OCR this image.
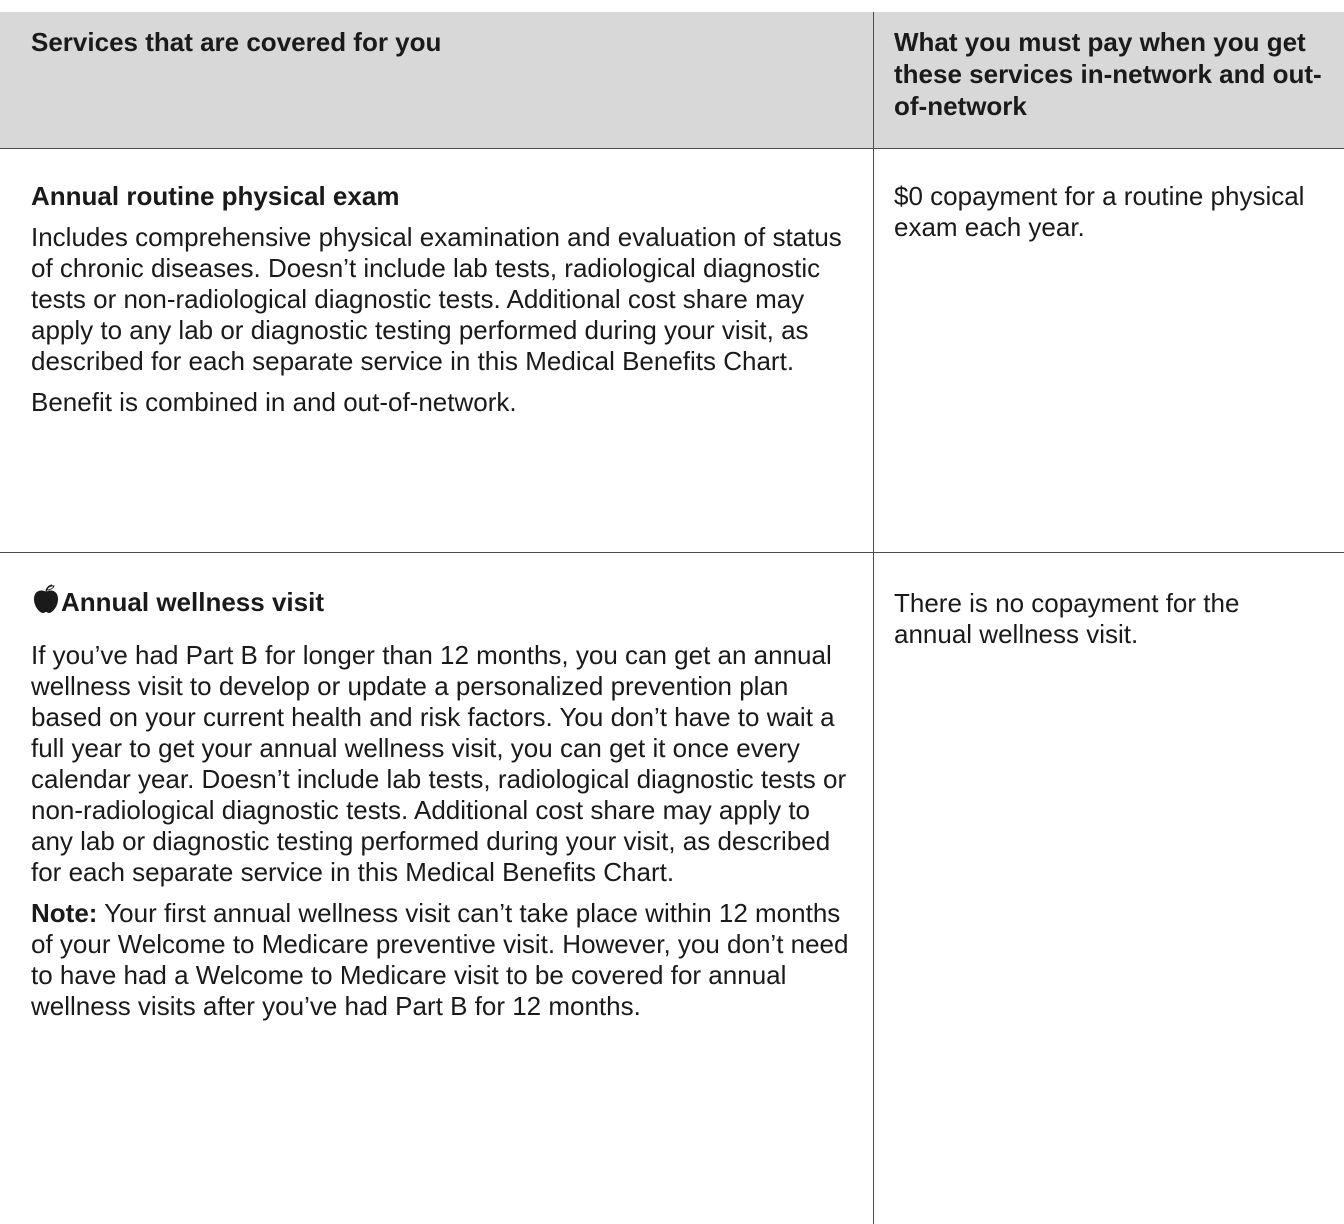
Services that are covered for you	What you must pay when you get these services in-network and out-of-network

Annual routine physical exam

Includes comprehensive physical examination and evaluation of status of chronic diseases. Doesn’t include lab tests, radiological diagnostic tests or non-radiological diagnostic tests. Additional cost share may apply to any lab or diagnostic testing performed during your visit, as described for each separate service in this Medical Benefits Chart.

Benefit is combined in and out-of-network.

$0 copayment for a routine physical exam each year.

Annual wellness visit

If you’ve had Part B for longer than 12 months, you can get an annual wellness visit to develop or update a personalized prevention plan based on your current health and risk factors. You don’t have to wait a full year to get your annual wellness visit, you can get it once every calendar year. Doesn’t include lab tests, radiological diagnostic tests or non-radiological diagnostic tests. Additional cost share may apply to any lab or diagnostic testing performed during your visit, as described for each separate service in this Medical Benefits Chart.

Note: Your first annual wellness visit can’t take place within 12 months of your Welcome to Medicare preventive visit. However, you don’t need to have had a Welcome to Medicare visit to be covered for annual wellness visits after you’ve had Part B for 12 months.

There is no copayment for the annual wellness visit.
